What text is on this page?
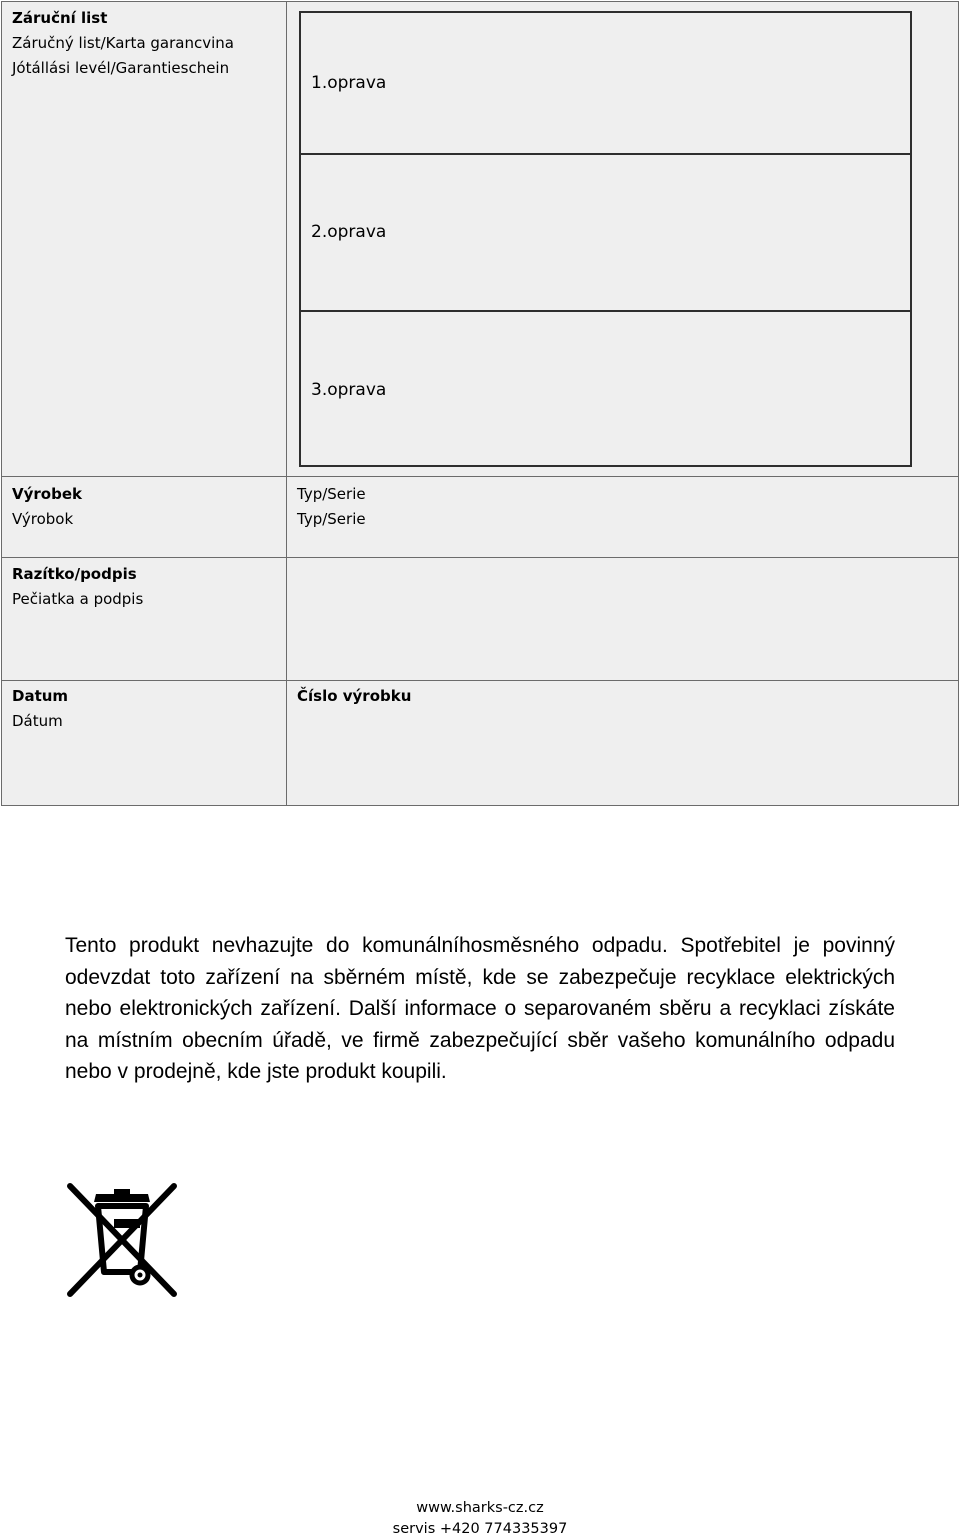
Záruční list
Záručný list/Karta garancvina
Jótállási levél/Garantieschein
Výrobek
Výrobok
Typ/Serie
Typ/Serie
Razítko/podpis
Pečiatka a podpis
Datum
Dátum
Číslo výrobku
1.oprava
2.oprava
3.oprava

Tento produkt nevhazujte do komunálníhosměsného odpadu. Spotřebitel je povinný odevzdat toto zařízení na sběrném místě, kde se zabezpečuje recyklace elektrických nebo elektronických zařízení. Další informace o separovaném sběru a recyklaci získáte na místním obecním úřadě, ve firmě zabezpečující sběr vašeho komunálního odpadu nebo v prodejně, kde jste produkt koupili.

www.sharks-cz.cz
servis +420 774335397
